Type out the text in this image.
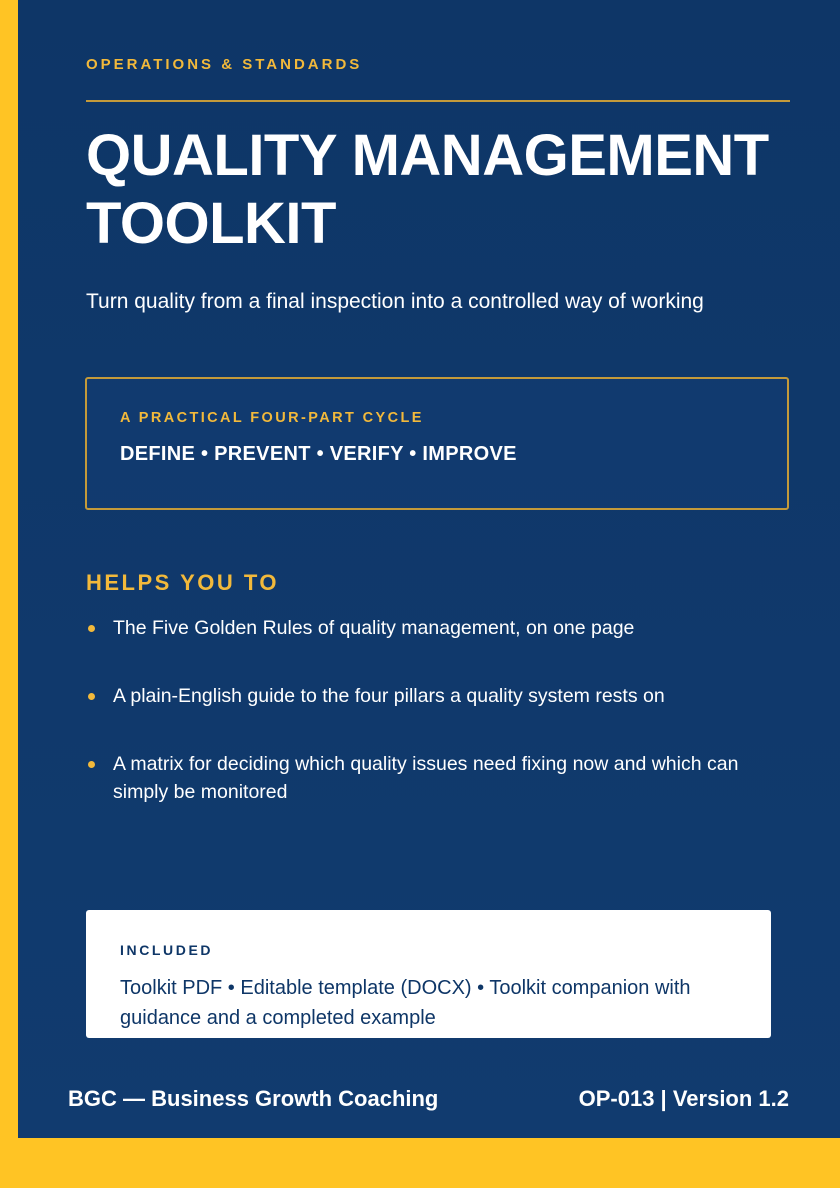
OPERATIONS & STANDARDS
QUALITY MANAGEMENT
TOOLKIT
Turn quality from a final inspection into a controlled way of working
A PRACTICAL FOUR-PART CYCLE
DEFINE • PREVENT • VERIFY • IMPROVE
HELPS YOU TO
The Five Golden Rules of quality management, on one page
A plain-English guide to the four pillars a quality system rests on
A matrix for deciding which quality issues need fixing now and which can simply be monitored
INCLUDED
Toolkit PDF • Editable template (DOCX) • Toolkit companion with guidance and a completed example
BGC — Business Growth Coaching	OP-013 | Version 1.2
